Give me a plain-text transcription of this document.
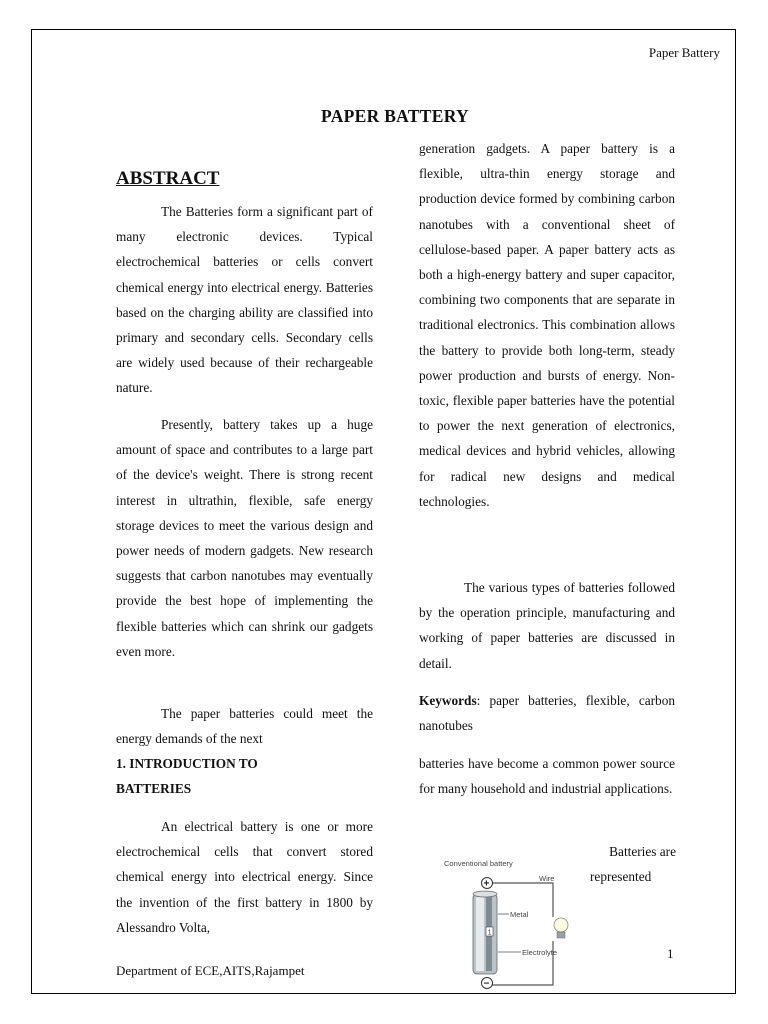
Paper Battery
PAPER BATTERY
ABSTRACT

The Batteries form a significant part of many electronic devices. Typical electrochemical batteries or cells convert chemical energy into electrical energy. Batteries based on the charging ability are classified into primary and secondary cells. Secondary cells are widely used because of their rechargeable nature.

Presently, battery takes up a huge amount of space and contributes to a large part of the device's weight. There is strong recent interest in ultrathin, flexible, safe energy storage devices to meet the various design and power needs of modern gadgets. New research suggests that carbon nanotubes may eventually provide the best hope of implementing the flexible batteries which can shrink our gadgets even more.

The paper batteries could meet the energy demands of the next

1. INTRODUCTION TO

BATTERIES

An electrical battery is one or more electrochemical cells that convert stored chemical energy into electrical energy. Since the invention of the first battery in 1800 by Alessandro Volta,

generation gadgets. A paper battery is a flexible, ultra-thin energy storage and production device formed by combining carbon nanotubes with a conventional sheet of cellulose-based paper. A paper battery acts as both a high-energy battery and super capacitor, combining two components that are separate in traditional electronics. This combination allows the battery to provide both long-term, steady power production and bursts of energy. Non-toxic, flexible paper batteries have the potential to power the next generation of electronics, medical devices and hybrid vehicles, allowing for radical new designs and medical technologies.

The various types of batteries followed by the operation principle, manufacturing and working of paper batteries are discussed in detail.

Keywords: paper batteries, flexible, carbon nanotubes

batteries have become a common power source for many household and industrial applications.

Batteries are

represented

Conventional battery
Wire
1
Metal
Electrolyte
+
−
1
Department of ECE,AITS,Rajampet
